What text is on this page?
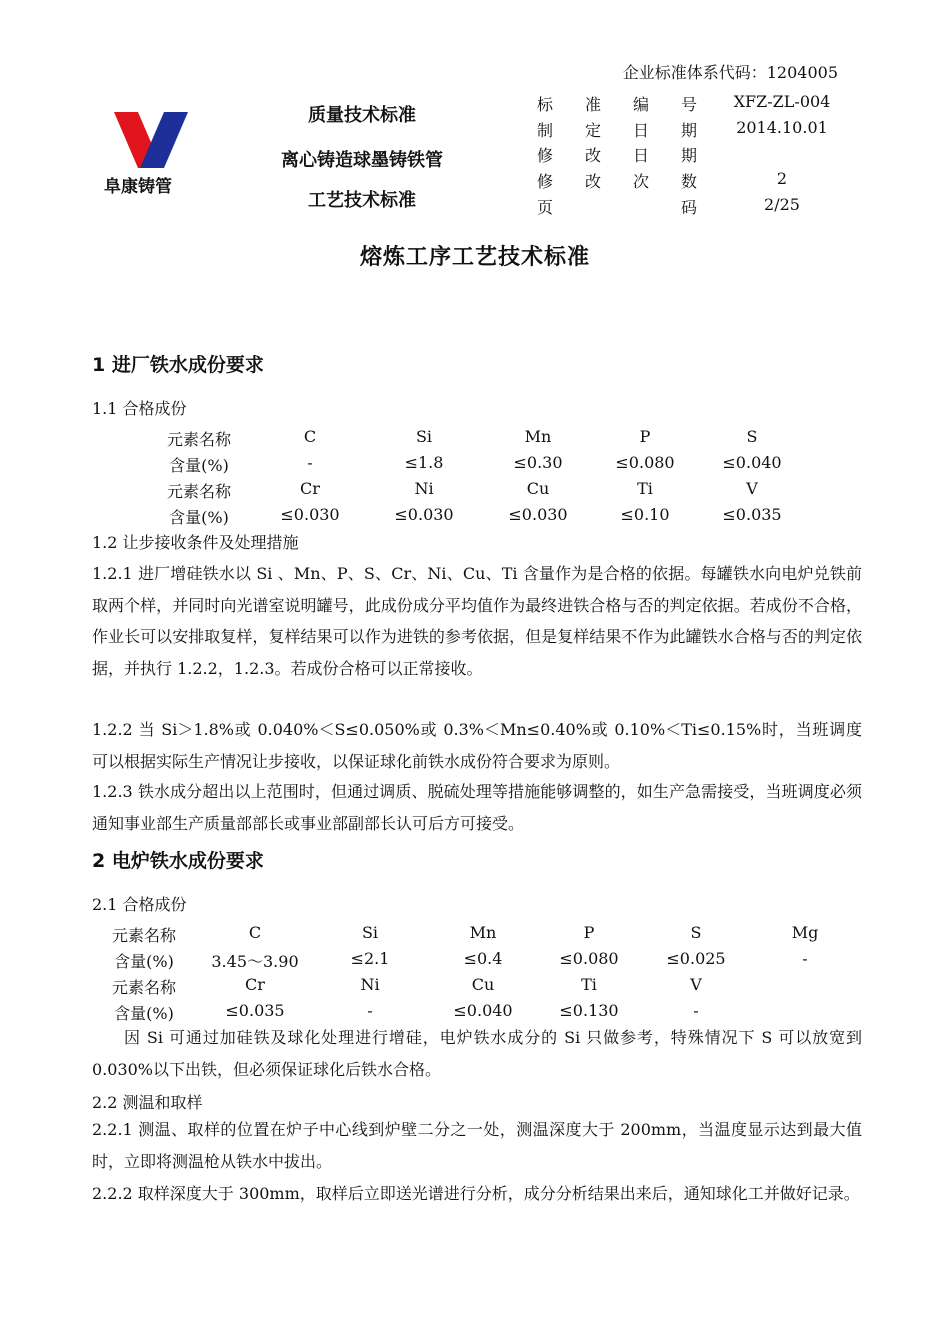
企业标准体系代码：1204005
阜康铸管
质量技术标准
离心铸造球墨铸铁管
工艺技术标准
标 准 编 号 XFZ-ZL-004
制 定 日 期 2014.10.01
修 改 日 期
修 改 次 数	2
页	码	2/25
熔炼工序工艺技术标准
1 进厂铁水成份要求
1.1 合格成份
元素名称	C	Si	Mn	P	S
含量(%)	-	≤1.8	≤0.30	≤0.080	≤0.040
元素名称	Cr	Ni	Cu	Ti	V
含量(%)	≤0.030	≤0.030	≤0.030	≤0.10	≤0.035
1.2 让步接收条件及处理措施
1.2.1 进厂增硅铁水以 Si 、Mn、P、S、Cr、Ni、Cu、Ti 含量作为是合格的依据。每罐铁水向电炉兑铁前取两个样，并同时向光谱室说明罐号，此成份成分平均值作为最终进铁合格与否的判定依据。若成份不合格，作业长可以安排取复样，复样结果可以作为进铁的参考依据，但是复样结果不作为此罐铁水合格与否的判定依据，并执行 1.2.2，1.2.3。若成份合格可以正常接收。
1.2.2 当 Si＞1.8%或 0.040%＜S≤0.050%或 0.3%＜Mn≤0.40%或 0.10%＜Ti≤0.15%时，当班调度可以根据实际生产情况让步接收，以保证球化前铁水成份符合要求为原则。
1.2.3 铁水成分超出以上范围时，但通过调质、脱硫处理等措施能够调整的，如生产急需接受，当班调度必须通知事业部生产质量部部长或事业部副部长认可后方可接受。
2 电炉铁水成份要求
2.1 合格成份
元素名称	C	Si	Mn	P	S	Mg
含量(%) 3.45～3.90	≤2.1	≤0.4	≤0.080	≤0.025	-
元素名称	Cr	Ni	Cu	Ti	V
含量(%)	≤0.035	-	≤0.040	≤0.130	-
因 Si 可通过加硅铁及球化处理进行增硅，电炉铁水成分的 Si 只做参考，特殊情况下 S 可以放宽到 0.030%以下出铁，但必须保证球化后铁水合格。
2.2 测温和取样
2.2.1 测温、取样的位置在炉子中心线到炉壁二分之一处，测温深度大于 200mm，当温度显示达到最大值时，立即将测温枪从铁水中拔出。
2.2.2 取样深度大于 300mm，取样后立即送光谱进行分析，成分分析结果出来后，通知球化工并做好记录。
